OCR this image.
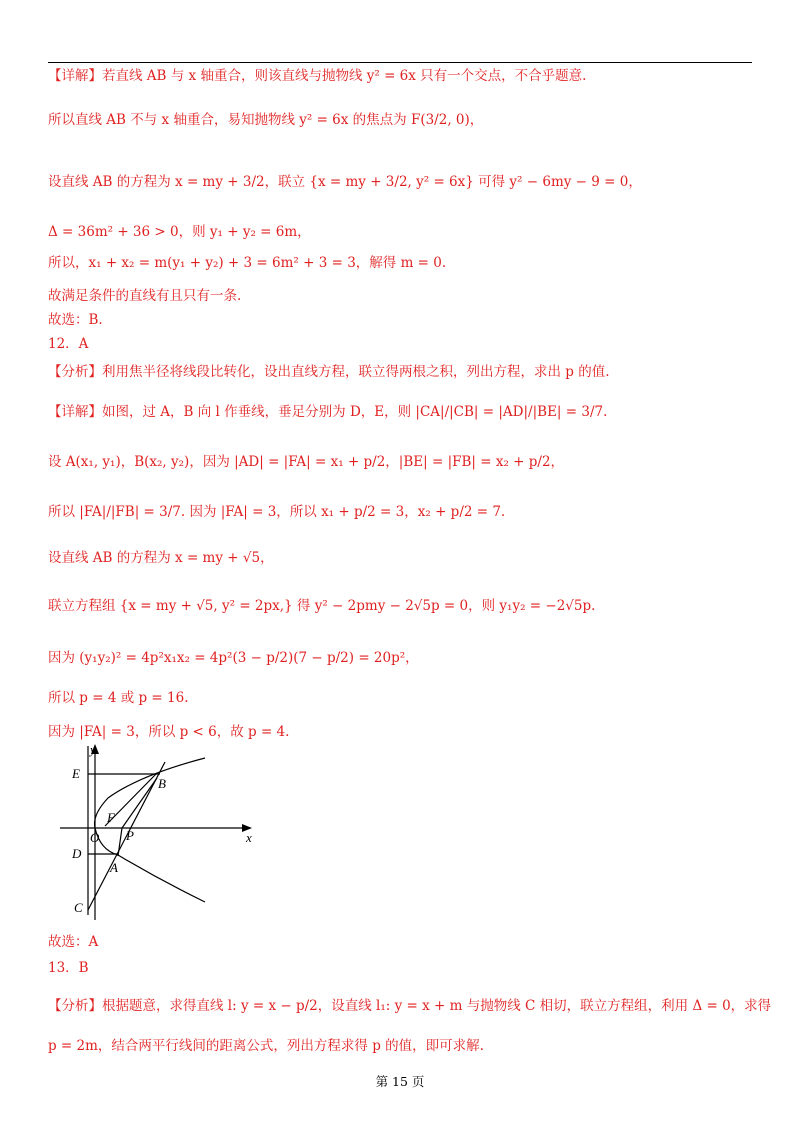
【详解】若直线 AB 与 x 轴重合，则该直线与抛物线 y² = 6x 只有一个交点，不合乎题意.
所以直线 AB 不与 x 轴重合，易知抛物线 y² = 6x 的焦点为 F(3/2, 0)，
设直线 AB 的方程为 x = my + 3/2，联立 {x = my + 3/2, y² = 6x} 可得 y² − 6my − 9 = 0，
Δ = 36m² + 36 > 0，则 y₁ + y₂ = 6m，
所以，x₁ + x₂ = m(y₁ + y₂) + 3 = 6m² + 3 = 3，解得 m = 0.
故满足条件的直线有且只有一条.
故选：B.
12．A
【分析】利用焦半径将线段比转化，设出直线方程，联立得两根之积，列出方程，求出 p 的值.
【详解】如图，过 A，B 向 l 作垂线，垂足分别为 D，E，则 |CA|/|CB| = |AD|/|BE| = 3/7.
设 A(x₁, y₁)，B(x₂, y₂)，因为 |AD| = |FA| = x₁ + p/2，|BE| = |FB| = x₂ + p/2，
所以 |FA|/|FB| = 3/7. 因为 |FA| = 3，所以 x₁ + p/2 = 3，x₂ + p/2 = 7.
设直线 AB 的方程为 x = my + √5，
联立方程组 {x = my + √5, y² = 2px,} 得 y² − 2pmy − 2√5p = 0，则 y₁y₂ = −2√5p.
因为 (y₁y₂)² = 4p²x₁x₂ = 4p²(3 − p/2)(7 − p/2) = 20p²，
所以 p = 4 或 p = 16.
因为 |FA| = 3，所以 p < 6，故 p = 4.
故选：A
13．B
【分析】根据题意，求得直线 l: y = x − p/2，设直线 l₁: y = x + m 与抛物线 C 相切，联立方程组，利用 Δ = 0，求得
p = 2m，结合两平行线间的距离公式，列出方程求得 p 的值，即可求解.
y
x
E
B
F
O P
D
A
C
第 15 页
